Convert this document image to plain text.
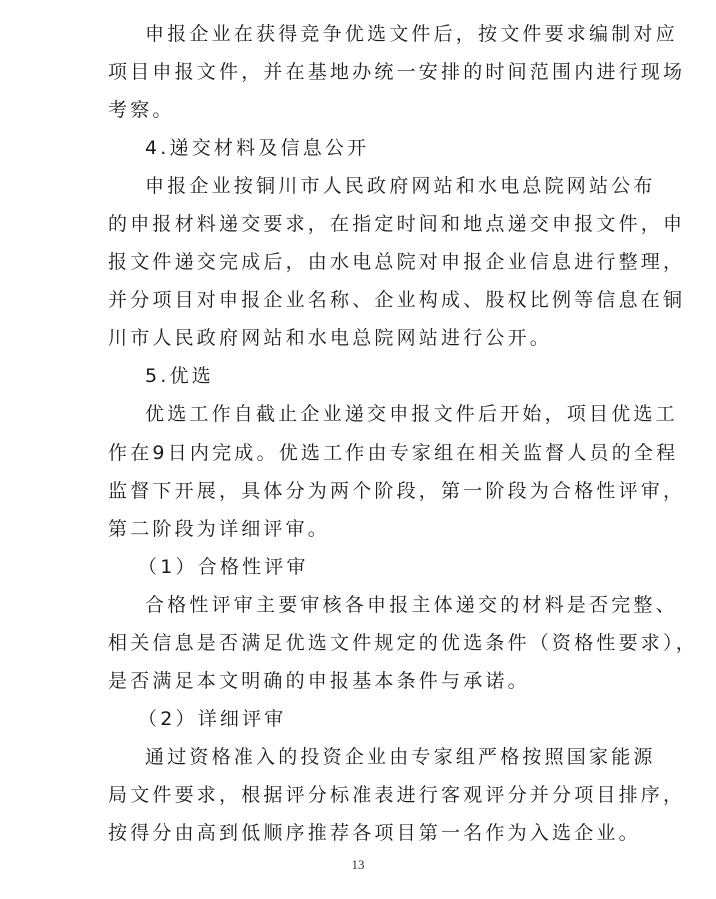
申报企业在获得竞争优选文件后，按文件要求编制对应
项目申报文件，并在基地办统一安排的时间范围内进行现场
考察。
4.递交材料及信息公开
申报企业按铜川市人民政府网站和水电总院网站公布
的申报材料递交要求，在指定时间和地点递交申报文件，申
报文件递交完成后，由水电总院对申报企业信息进行整理，
并分项目对申报企业名称、企业构成、股权比例等信息在铜
川市人民政府网站和水电总院网站进行公开。
5.优选
优选工作自截止企业递交申报文件后开始，项目优选工
作在9日内完成。优选工作由专家组在相关监督人员的全程
监督下开展，具体分为两个阶段，第一阶段为合格性评审，
第二阶段为详细评审。
（1）合格性评审
合格性评审主要审核各申报主体递交的材料是否完整、
相关信息是否满足优选文件规定的优选条件（资格性要求），
是否满足本文明确的申报基本条件与承诺。
（2）详细评审
通过资格准入的投资企业由专家组严格按照国家能源
局文件要求，根据评分标准表进行客观评分并分项目排序，
按得分由高到低顺序推荐各项目第一名作为入选企业。
13
